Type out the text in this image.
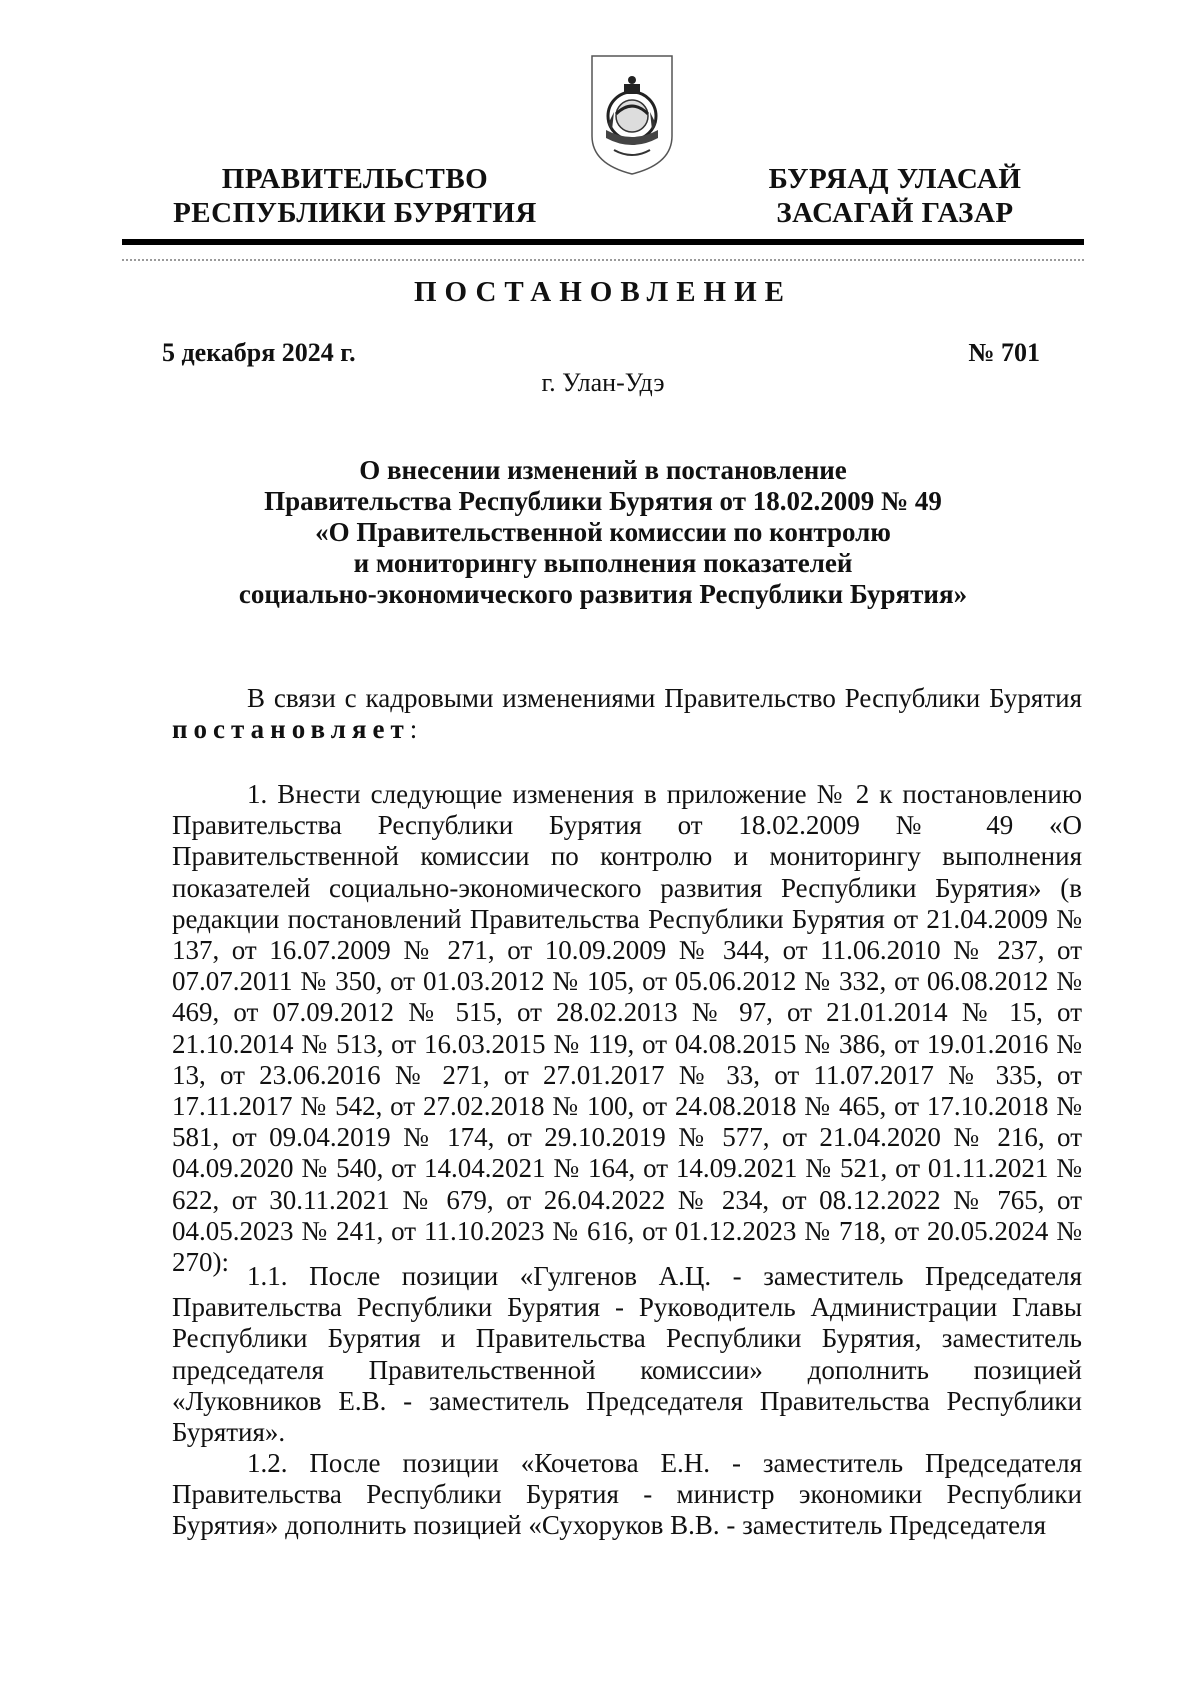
ПРАВИТЕЛЬСТВО
РЕСПУБЛИКИ БУРЯТИЯ
БУРЯАД УЛАСАЙ
ЗАСАГАЙ ГАЗАР
ПОСТАНОВЛЕНИЕ
5 декабря 2024 г.	№ 701
г. Улан-Удэ
О внесении изменений в постановление
Правительства Республики Бурятия от 18.02.2009 № 49
«О Правительственной комиссии по контролю
и мониторингу выполнения показателей
социально-экономического развития Республики Бурятия»
В связи с кадровыми изменениями Правительство Республики Бурятия постановляет:
1. Внести следующие изменения в приложение № 2 к постановлению Правительства Республики Бурятия от 18.02.2009 № 49 «О Правительственной комиссии по контролю и мониторингу выполнения показателей социально-экономического развития Республики Бурятия» (в редакции постановлений Правительства Республики Бурятия от 21.04.2009 № 137, от 16.07.2009 № 271, от 10.09.2009 № 344, от 11.06.2010 № 237, от 07.07.2011 № 350, от 01.03.2012 № 105, от 05.06.2012 № 332, от 06.08.2012 № 469, от 07.09.2012 № 515, от 28.02.2013 № 97, от 21.01.2014 № 15, от 21.10.2014 № 513, от 16.03.2015 № 119, от 04.08.2015 № 386, от 19.01.2016 № 13, от 23.06.2016 № 271, от 27.01.2017 № 33, от 11.07.2017 № 335, от 17.11.2017 № 542, от 27.02.2018 № 100, от 24.08.2018 № 465, от 17.10.2018 № 581, от 09.04.2019 № 174, от 29.10.2019 № 577, от 21.04.2020 № 216, от 04.09.2020 № 540, от 14.04.2021 № 164, от 14.09.2021 № 521, от 01.11.2021 № 622, от 30.11.2021 № 679, от 26.04.2022 № 234, от 08.12.2022 № 765, от 04.05.2023 № 241, от 11.10.2023 № 616, от 01.12.2023 № 718, от 20.05.2024 № 270): 1.1. После позиции «Гулгенов А.Ц. - заместитель Председателя Правительства Республики Бурятия - Руководитель Администрации Главы Республики Бурятия и Правительства Республики Бурятия, заместитель председателя Правительственной комиссии» дополнить позицией «Луковников Е.В. - заместитель Председателя Правительства Республики Бурятия».
1.2. После позиции «Кочетова Е.Н. - заместитель Председателя Правительства Республики Бурятия - министр экономики Республики Бурятия» дополнить позицией «Сухоруков В.В. - заместитель Председателя
